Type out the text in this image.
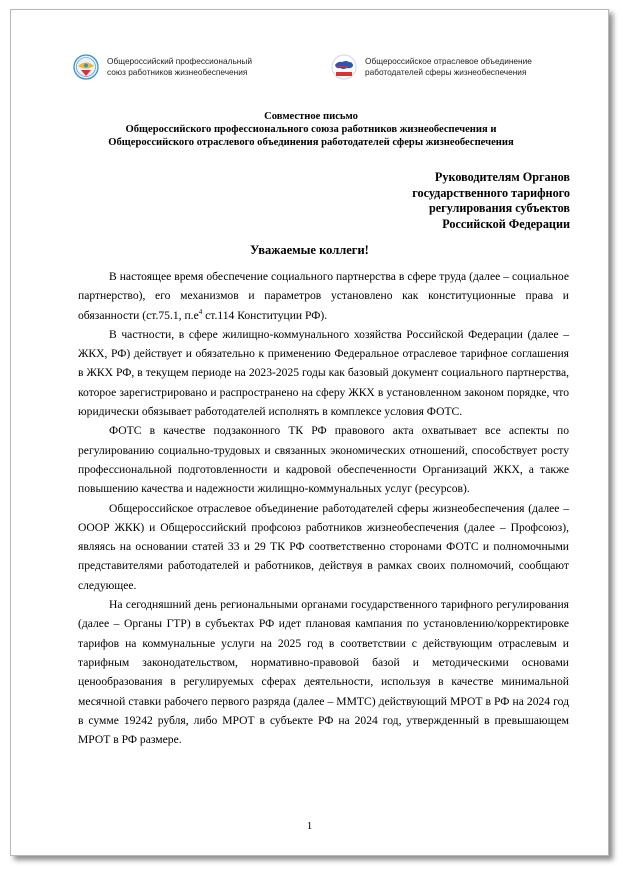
Общероссийский профессиональный
союз работников жизнеобеспечения
Общероссийское отраслевое объединение
работодателей сферы жизнеобеспечения
Совместное письмо
Общероссийского профессионального союза работников жизнеобеспечения и
Общероссийского отраслевого объединения работодателей сферы жизнеобеспечения
Руководителям Органов
государственного тарифного
регулирования субъектов
Российской Федерации
Уважаемые коллеги!

В настоящее время обеспечение социального партнерства в сфере труда (далее – социальное партнерство), его механизмов и параметров установлено как конституционные права и обязанности (ст.75.1, $п.е^4$ ст.114 Конституции РФ).

В частности, в сфере жилищно-коммунального хозяйства Российской Федерации (далее – ЖКХ, РФ) действует и обязательно к применению Федеральное отраслевое тарифное соглашения в ЖКХ РФ, в текущем периоде на 2023-2025 годы как базовый документ социального партнерства, которое зарегистрировано и распространено на сферу ЖКХ в установленном законом порядке, что юридически обязывает работодателей исполнять в комплексе условия ФОТС.

ФОТС в качестве подзаконного ТК РФ правового акта охватывает все аспекты по регулированию социально-трудовых и связанных экономических отношений, способствует росту профессиональной подготовленности и кадровой обеспеченности Организаций ЖКХ, а также повышению качества и надежности жилищно-коммунальных услуг (ресурсов).

Общероссийское отраслевое объединение работодателей сферы жизнеобеспечения (далее – ОООР ЖКК) и Общероссийский профсоюз работников жизнеобеспечения (далее – Профсоюз), являясь на основании статей 33 и 29 ТК РФ соответственно сторонами ФОТС и полномочными представителями работодателей и работников, действуя в рамках своих полномочий, сообщают следующее.

На сегодняшний день региональными органами государственного тарифного регулирования (далее – Органы ГТР) в субъектах РФ идет плановая кампания по установлению/корректировке тарифов на коммунальные услуги на 2025 год в соответствии с действующим отраслевым и тарифным законодательством, нормативно-правовой базой и методическими основами ценообразования в регулируемых сферах деятельности, используя в качестве минимальной месячной ставки рабочего первого разряда (далее – ММТС) действующий МРОТ в РФ на 2024 год в сумме 19242 рубля, либо МРОТ в субъекте РФ на 2024 год, утвержденный в превышающем МРОТ в РФ размере.

1
